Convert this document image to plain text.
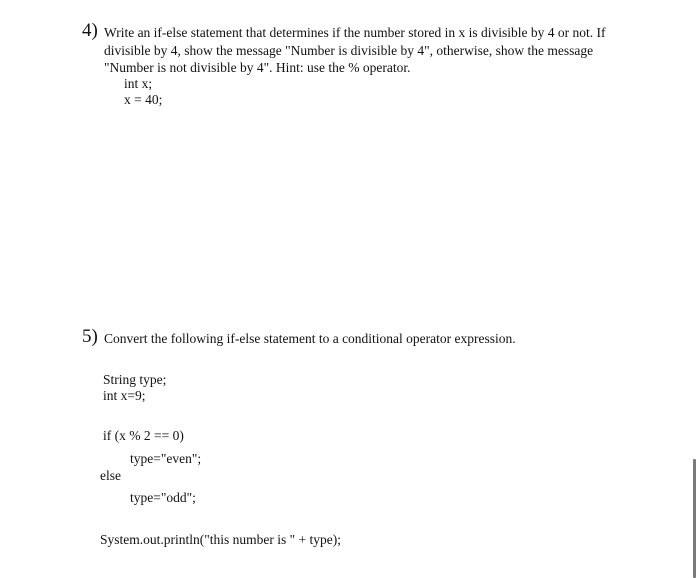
4) Write an if-else statement that determines if the number stored in x is divisible by 4 or not. If
divisible by 4, show the message "Number is divisible by 4", otherwise, show the message
"Number is not divisible by 4". Hint: use the % operator.
int x;
x = 40;
5) Convert the following if-else statement to a conditional operator expression.
String type;
int x=9;
if (x % 2 == 0)
type="even";
else
type="odd";
System.out.println("this number is " + type);
